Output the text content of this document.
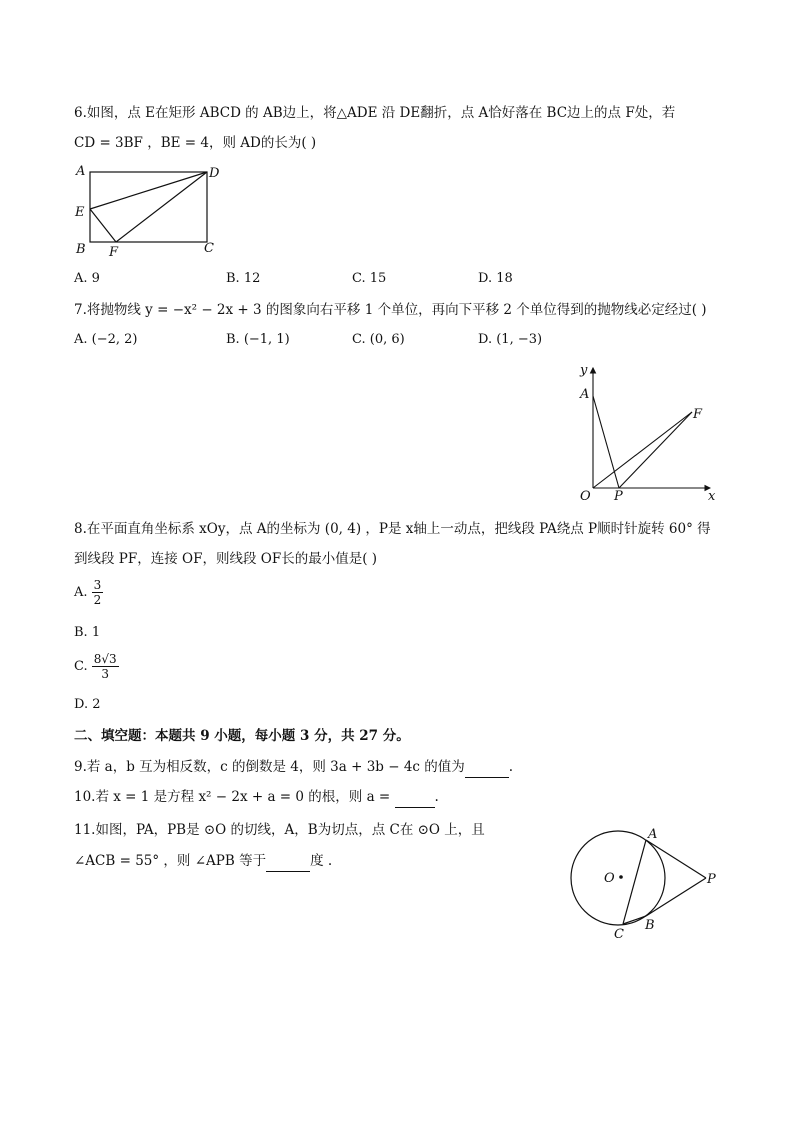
6.如图，点 E在矩形 ABCD 的 AB边上，将△ADE 沿 DE翻折，点 A恰好落在 BC边上的点 F处，若
CD = 3BF ，BE = 4，则 AD的长为( )
A	D
E
B F	C
A. 9	B. 12	C. 15	D. 18
7.将抛物线 y = −x² − 2x + 3 的图象向右平移 1 个单位，再向下平移 2 个单位得到的抛物线必定经过( )
A. (−2, 2)	B. (−1, 1)	C. (0, 6)	D. (1, −3)
y
A
F
O P	x
8.在平面直角坐标系 xOy，点 A的坐标为 (0, 4) ，P是 x轴上一动点，把线段 PA绕点 P顺时针旋转 60° 得
到线段 PF，连接 OF，则线段 OF长的最小值是( )
A. $\frac{3}{2}$
B. 1
C. $\frac{8√3}{3}$
D. 2
二、填空题：本题共 9 小题，每小题 3 分，共 27 分。
9.若 a，b 互为相反数，c 的倒数是 4，则 3a + 3b − 4c 的值为	.
10.若 x = 1 是方程 x² − 2x + a = 0 的根，则 a =	.
11.如图，PA，PB是 ⊙O 的切线，A，B为切点，点 C在 ⊙O 上，且
∠ACB = 55° ，则 ∠APB 等于	度 .
A
O	P
B
C
